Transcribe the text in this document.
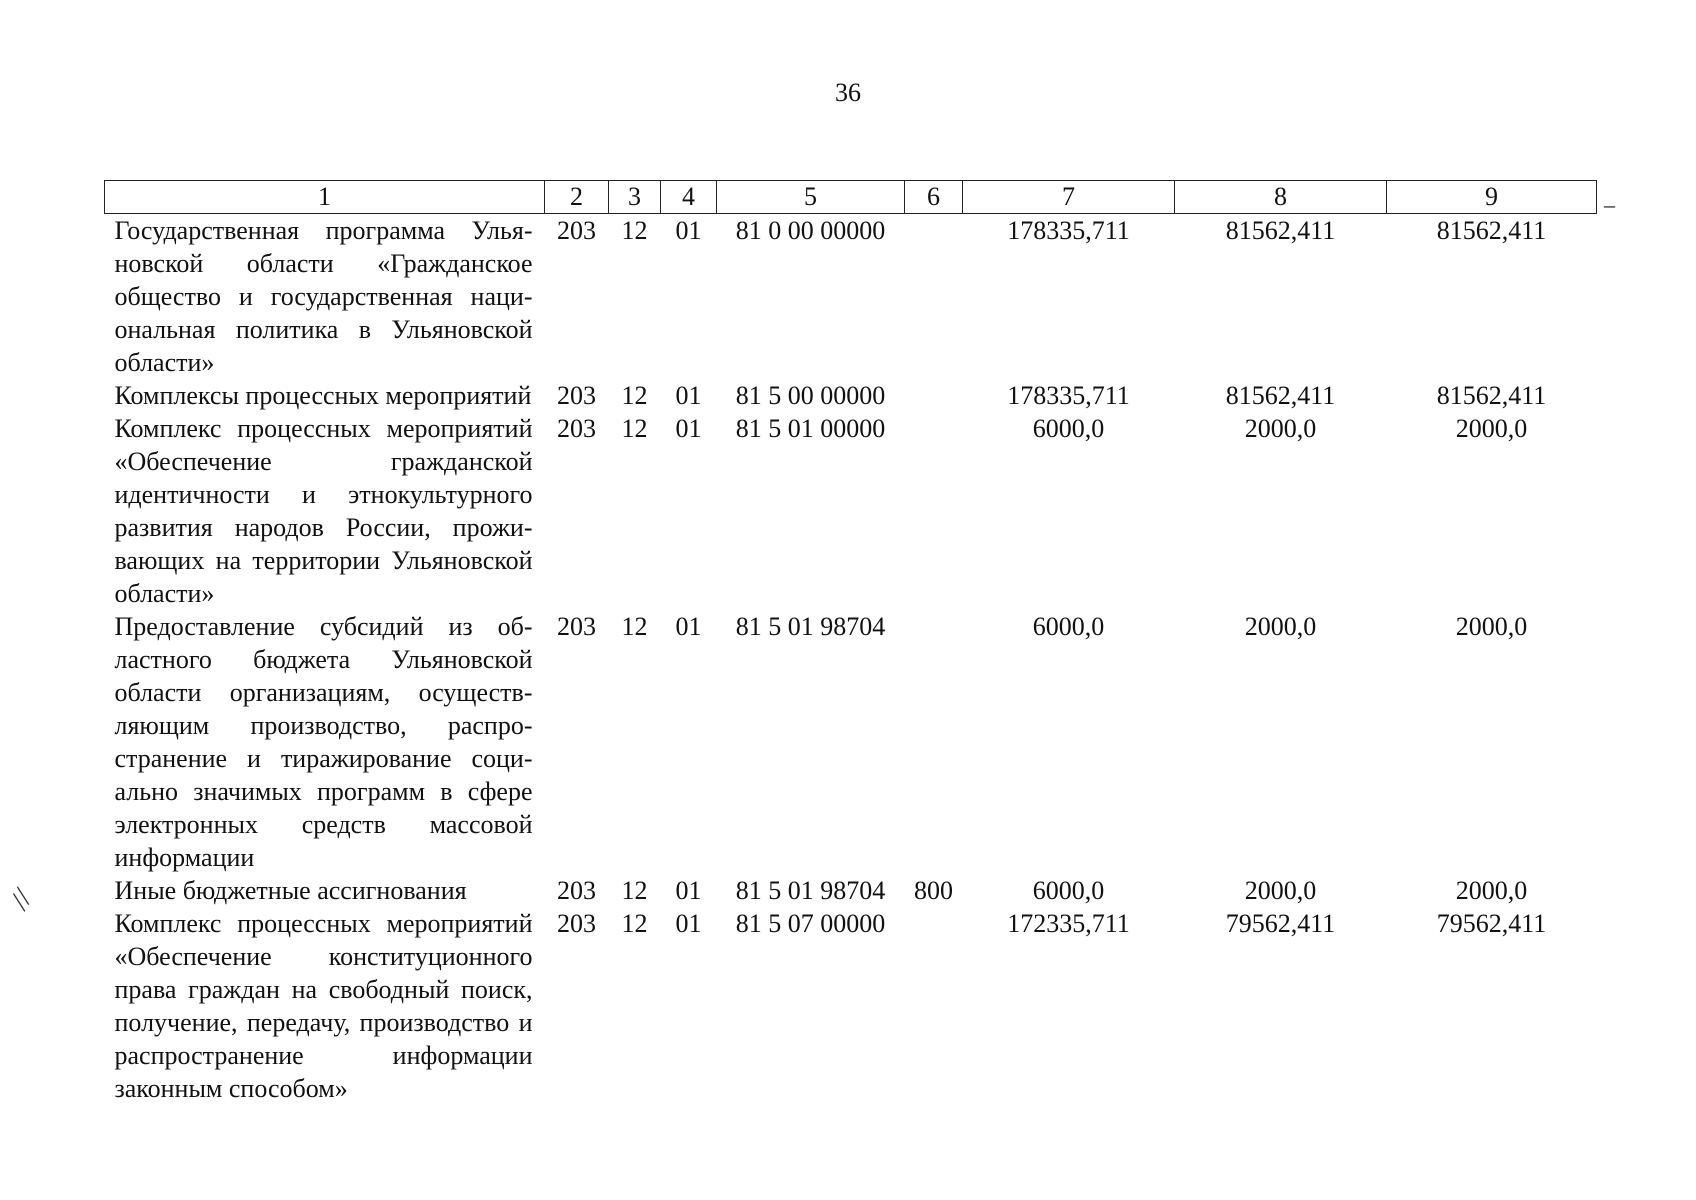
36
1	2	3	4	5	6	7	8	9
Государственная программа Ульяновской области «Гражданское общество и государственная национальная политика в Ульяновской области»	203	12	01	81 0 00 00000		178335,711	81562,411	81562,411
Комплексы процессных мероприятий	203	12	01	81 5 00 00000		178335,711	81562,411	81562,411
Комплекс процессных мероприятий «Обеспечение гражданской идентичности и этнокультурного развития народов России, проживающих на территории Ульяновской области»	203	12	01	81 5 01 00000		6000,0	2000,0	2000,0
Предоставление субсидий из областного бюджета Ульяновской области организациям, осуществляющим производство, распространение и тиражирование социально значимых программ в сфере электронных средств массовой информации	203	12	01	81 5 01 98704		6000,0	2000,0	2000,0
Иные бюджетные ассигнования	203	12	01	81 5 01 98704	800	6000,0	2000,0	2000,0
Комплекс процессных мероприятий «Обеспечение конституционного права граждан на свободный поиск, получение, передачу, производство и распространение информации законным способом»	203	12	01	81 5 07 00000		172335,711	79562,411	79562,411
–
//
